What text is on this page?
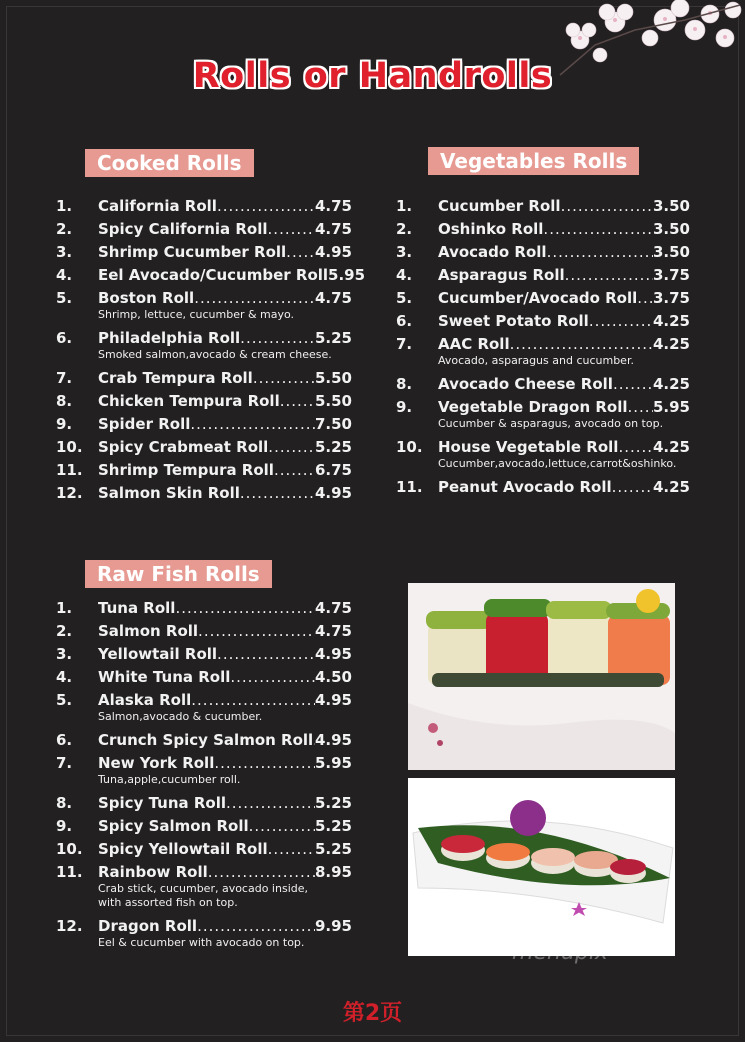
Rolls or Handrolls
Cooked Rolls
1.	California Roll .....	4.75
2.	Spicy California Roll .....	4.75
3.	Shrimp Cucumber Roll ..... 4.95
4.	Eel Avocado/Cucumber Roll 5.95
5.	Boston Roll .....	4.75
Shrimp, lettuce, cucumber & mayo.
6.	Philadelphia Roll .....	5.25
Smoked salmon,avocado & cream cheese.
7.	Crab Tempura Roll .....	5.50
8.	Chicken Tempura Roll ..... 5.50
9.	Spider Roll .....	7.50
10.	Spicy Crabmeat Roll .....	5.25
11.	Shrimp Tempura Roll .....	6.75
12.	Salmon Skin Roll .....	4.95
Vegetables Rolls
1.	Cucumber Roll .....	3.50
2.	Oshinko Roll .....	3.50
3.	Avocado Roll .....	3.50
4.	Asparagus Roll .....	3.75
5.	Cucumber/Avocado Roll ..... 3.75
6.	Sweet Potato Roll .....	4.25
7.	AAC Roll .....	4.25
Avocado, asparagus and cucumber.
8.	Avocado Cheese Roll .....	4.25
9.	Vegetable Dragon Roll ..... 5.95
Cucumber & asparagus, avocado on top.
10.	House Vegetable Roll ..... 4.25
Cucumber,avocado,lettuce,carrot&oshinko.
11.	Peanut Avocado Roll .....	4.25
Raw Fish Rolls
1.	Tuna Roll .....	4.75
2.	Salmon Roll .....	4.75
3.	Yellowtail Roll .....	4.95
4.	White Tuna Roll .....	4.50
5.	Alaska Roll .....	4.95
Salmon,avocado & cucumber.
6.	Crunch Spicy Salmon Roll ..... 4.95
7.	New York Roll .....	5.95
Tuna,apple,cucumber roll.
8.	Spicy Tuna Roll .....	5.25
9.	Spicy Salmon Roll .....	5.25
10.	Spicy Yellowtail Roll .....	5.25
11.	Rainbow Roll .....	8.95
Crab stick, cucumber, avocado inside,
with assorted fish on top.
12.	Dragon Roll .....	9.95
Eel & cucumber with avocado on top.	menupix
第2页
